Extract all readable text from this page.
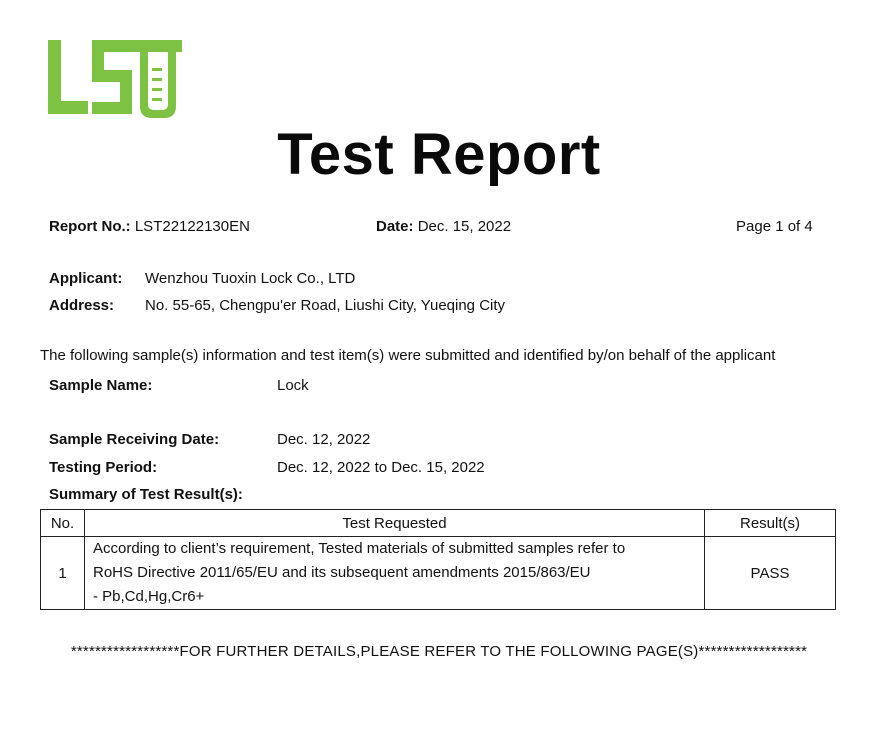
Test Report
Report No.: LST22122130EN	Date: Dec. 15, 2022	Page 1 of 4
Applicant: Wenzhou Tuoxin Lock Co., LTD
Address: No. 55-65, Chengpu'er Road, Liushi City, Yueqing City
The following sample(s) information and test item(s) were submitted and identified by/on behalf of the applicant
Sample Name:	Lock
Sample Receiving Date:	Dec. 12, 2022
Testing Period:	Dec. 12, 2022 to Dec. 15, 2022
Summary of Test Result(s):
No.	Test Requested	Result(s)
1	According to client’s requirement, Tested materials of submitted samples refer to
RoHS Directive 2011/65/EU and its subsequent amendments 2015/863/EU
- Pb,Cd,Hg,Cr6+	PASS
******************FOR FURTHER DETAILS,PLEASE REFER TO THE FOLLOWING PAGE(S)******************
